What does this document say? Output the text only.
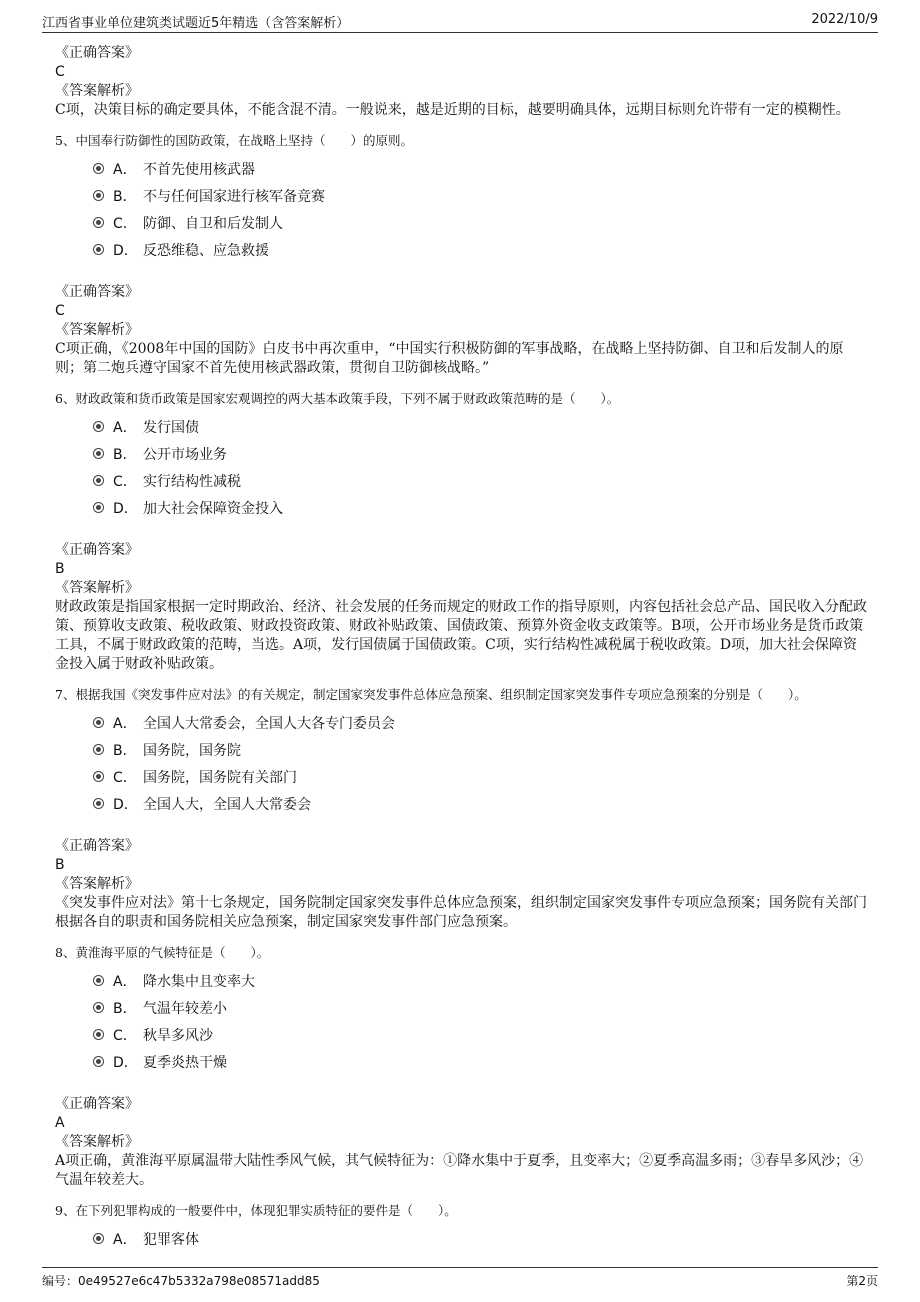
江西省事业单位建筑类试题近5年精选（含答案解析）	2022/10/9
《正确答案》
C
《答案解析》
C项，决策目标的确定要具体，不能含混不清。一般说来，越是近期的目标，越要明确具体，远期目标则允许带有一定的模糊性。
5、中国奉行防御性的国防政策，在战略上坚持（　　）的原则。
A． 不首先使用核武器
B． 不与任何国家进行核军备竞赛
C． 防御、自卫和后发制人
D． 反恐维稳、应急救援
《正确答案》
C
《答案解析》
C项正确，《2008年中国的国防》白皮书中再次重申，“中国实行积极防御的军事战略，在战略上坚持防御、自卫和后发制人的原则；第二炮兵遵守国家不首先使用核武器政策，贯彻自卫防御核战略。”
6、财政政策和货币政策是国家宏观调控的两大基本政策手段，下列不属于财政政策范畴的是（　　）。
A． 发行国债
B． 公开市场业务
C． 实行结构性减税
D． 加大社会保障资金投入
《正确答案》
B
《答案解析》
财政政策是指国家根据一定时期政治、经济、社会发展的任务而规定的财政工作的指导原则，内容包括社会总产品、国民收入分配政策、预算收支政策、税收政策、财政投资政策、财政补贴政策、国债政策、预算外资金收支政策等。B项，公开市场业务是货币政策工具，不属于财政政策的范畴，当选。A项，发行国债属于国债政策。C项，实行结构性减税属于税收政策。D项，加大社会保障资金投入属于财政补贴政策。
7、根据我国《突发事件应对法》的有关规定，制定国家突发事件总体应急预案、组织制定国家突发事件专项应急预案的分别是（　　）。
A． 全国人大常委会，全国人大各专门委员会
B． 国务院，国务院
C． 国务院，国务院有关部门
D． 全国人大，全国人大常委会
《正确答案》
B
《答案解析》
《突发事件应对法》第十七条规定，国务院制定国家突发事件总体应急预案，组织制定国家突发事件专项应急预案；国务院有关部门根据各自的职责和国务院相关应急预案，制定国家突发事件部门应急预案。
8、黄淮海平原的气候特征是（　　）。
A． 降水集中且变率大
B． 气温年较差小
C． 秋旱多风沙
D． 夏季炎热干燥
《正确答案》
A
《答案解析》
A项正确，黄淮海平原属温带大陆性季风气候，其气候特征为：①降水集中于夏季，且变率大；②夏季高温多雨；③春旱多风沙；④气温年较差大。
9、在下列犯罪构成的一般要件中，体现犯罪实质特征的要件是（　　）。
A． 犯罪客体
编号：0e49527e6c47b5332a798e08571add85	第2页
